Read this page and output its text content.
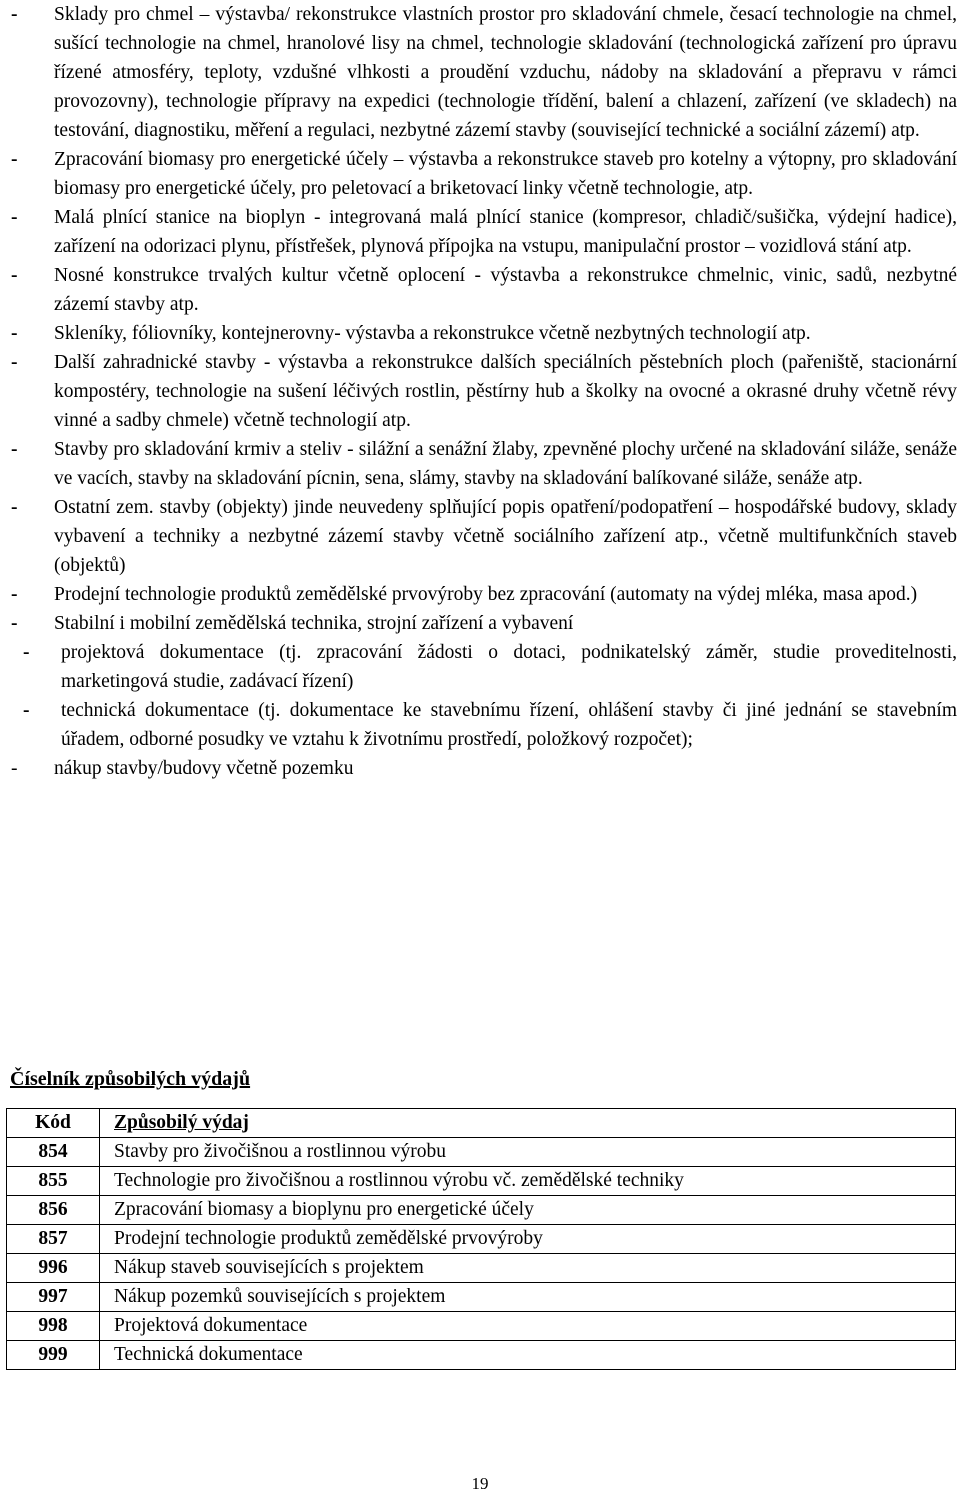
- Sklady pro chmel – výstavba/ rekonstrukce vlastních prostor pro skladování chmele, česací technologie na chmel, sušící technologie na chmel, hranolové lisy na chmel, technologie skladování (technologická zařízení pro úpravu řízené atmosféry, teploty, vzdušné vlhkosti a proudění vzduchu, nádoby na skladování a přepravu v rámci provozovny), technologie přípravy na expedici (technologie třídění, balení a chlazení, zařízení (ve skladech) na testování, diagnostiku, měření a regulaci, nezbytné zázemí stavby (související technické a sociální zázemí) atp.
- Zpracování biomasy pro energetické účely – výstavba a rekonstrukce staveb pro kotelny a výtopny, pro skladování biomasy pro energetické účely, pro peletovací a briketovací linky včetně technologie, atp.
- Malá plnící stanice na bioplyn - integrovaná malá plnící stanice (kompresor, chladič/sušička, výdejní hadice), zařízení na odorizaci plynu, přístřešek, plynová přípojka na vstupu, manipulační prostor – vozidlová stání atp.
- Nosné konstrukce trvalých kultur včetně oplocení - výstavba a rekonstrukce chmelnic, vinic, sadů, nezbytné zázemí stavby atp.
- Skleníky, fóliovníky, kontejnerovny- výstavba a rekonstrukce včetně nezbytných technologií atp.
- Další zahradnické stavby - výstavba a rekonstrukce dalších speciálních pěstebních ploch (pařeniště, stacionární kompostéry, technologie na sušení léčivých rostlin, pěstírny hub a školky na ovocné a okrasné druhy včetně révy vinné a sadby chmele) včetně technologií atp.
- Stavby pro skladování krmiv a steliv - silážní a senážní žlaby, zpevněné plochy určené na skladování siláže, senáže ve vacích, stavby na skladování pícnin, sena, slámy, stavby na skladování balíkované siláže, senáže atp.
- Ostatní zem. stavby (objekty) jinde neuvedeny splňující popis opatření/podopatření – hospodářské budovy, sklady vybavení a techniky a nezbytné zázemí stavby včetně sociálního zařízení atp., včetně multifunkčních staveb (objektů)
- Prodejní technologie produktů zemědělské prvovýroby bez zpracování (automaty na výdej mléka, masa apod.)
- Stabilní i mobilní zemědělská technika, strojní zařízení a vybavení
- projektová dokumentace (tj. zpracování žádosti o dotaci, podnikatelský záměr, studie proveditelnosti, marketingová studie, zadávací řízení)
- technická dokumentace (tj. dokumentace ke stavebnímu řízení, ohlášení stavby či jiné jednání se stavebním úřadem, odborné posudky ve vztahu k životnímu prostředí, položkový rozpočet);
- nákup stavby/budovy včetně pozemku
Číselník způsobilých výdajů
Kód	Způsobilý výdaj
854	Stavby pro živočišnou a rostlinnou výrobu
855	Technologie pro živočišnou a rostlinnou výrobu vč. zemědělské techniky
856	Zpracování biomasy a bioplynu pro energetické účely
857	Prodejní technologie produktů zemědělské prvovýroby
996	Nákup staveb souvisejících s projektem
997	Nákup pozemků souvisejících s projektem
998	Projektová dokumentace
999	Technická dokumentace
19
